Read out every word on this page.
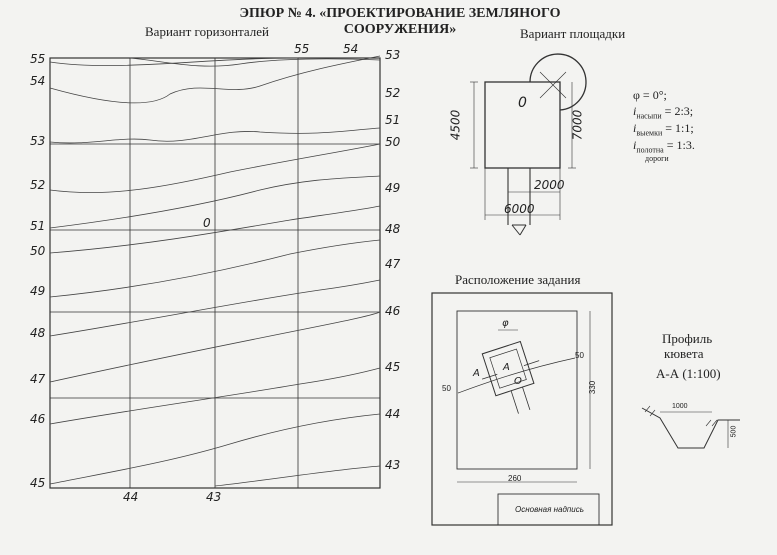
ЭПЮР № 4. «ПРОЕКТИРОВАНИЕ ЗЕМЛЯНОГО СООРУЖЕНИЯ»
Вариант горизонталей
55
54
53
52
51
50
49
48
47
46
45
53
52
51
50
49
48
47
46
45
44
43
55	54
44	43
0
Вариант площадки
0
4500	7000
2000
6000
φ = 0°;
$i_{насыпи}$ = 2:3;
$i_{выемки}$ = 1:1;
$i_{полотна}$ = 1:3.
дороги
Расположение задания
φ
A
A
O
50
50
330
260
Основная надпись
Профиль
кювета
А-А (1:100)
1000
500
